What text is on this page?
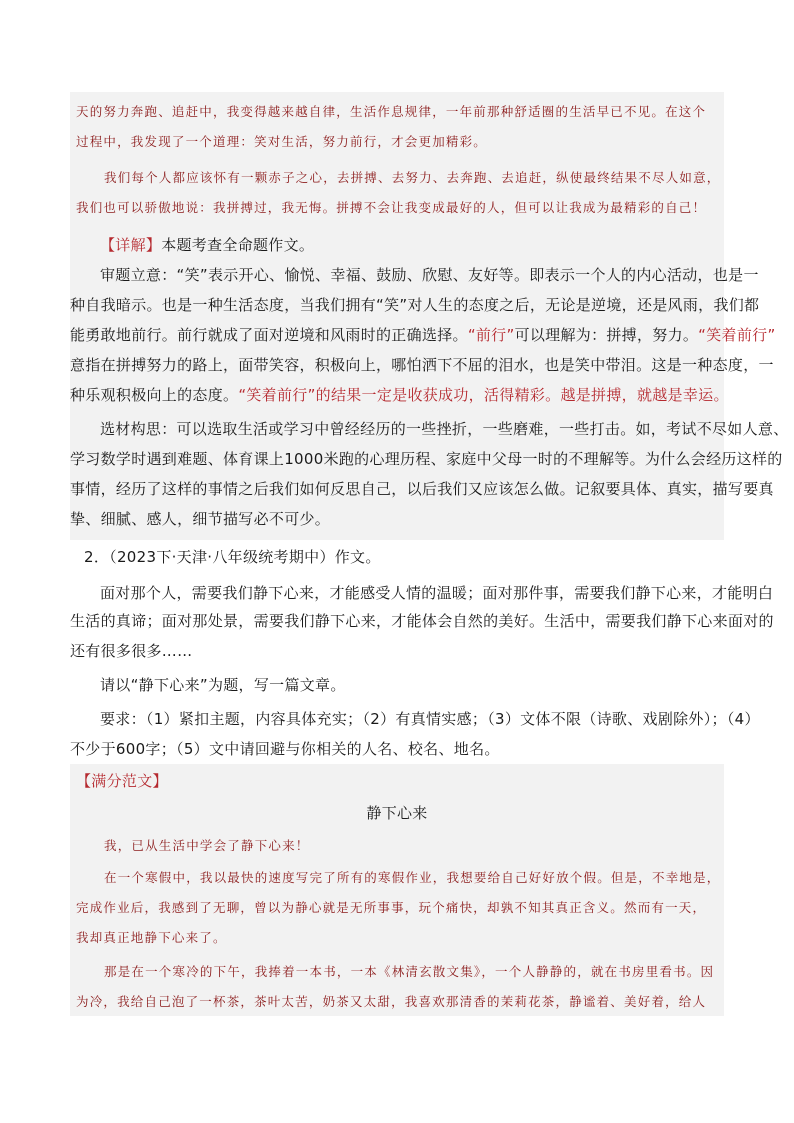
天的努力奔跑、追赶中，我变得越来越自律，生活作息规律，一年前那种舒适圈的生活早已不见。在这个
过程中，我发现了一个道理：笑对生活，努力前行，才会更加精彩。
我们每个人都应该怀有一颗赤子之心，去拼搏、去努力、去奔跑、去追赶，纵使最终结果不尽人如意，
我们也可以骄傲地说：我拼搏过，我无悔。拼搏不会让我变成最好的人，但可以让我成为最精彩的自己！
【详解】本题考查全命题作文。
审题立意：“笑”表示开心、愉悦、幸福、鼓励、欣慰、友好等。即表示一个人的内心活动，也是一
种自我暗示。也是一种生活态度，当我们拥有“笑”对人生的态度之后，无论是逆境，还是风雨，我们都
能勇敢地前行。前行就成了面对逆境和风雨时的正确选择。“前行”可以理解为：拼搏，努力。“笑着前行”
意指在拼搏努力的路上，面带笑容，积极向上，哪怕洒下不屈的泪水，也是笑中带泪。这是一种态度，一
种乐观积极向上的态度。“笑着前行”的结果一定是收获成功，活得精彩。越是拼搏，就越是幸运。
选材构思：可以选取生活或学习中曾经经历的一些挫折，一些磨难，一些打击。如，考试不尽如人意、
学习数学时遇到难题、体育课上1000米跑的心理历程、家庭中父母一时的不理解等。为什么会经历这样的
事情，经历了这样的事情之后我们如何反思自己，以后我们又应该怎么做。记叙要具体、真实，描写要真
挚、细腻、感人，细节描写必不可少。
2．（2023下·天津·八年级统考期中）作文。
面对那个人，需要我们静下心来，才能感受人情的温暖；面对那件事，需要我们静下心来，才能明白
生活的真谛；面对那处景，需要我们静下心来，才能体会自然的美好。生活中，需要我们静下心来面对的
还有很多很多……
请以“静下心来”为题，写一篇文章。
要求：（1）紧扣主题，内容具体充实；（2）有真情实感；（3）文体不限（诗歌、戏剧除外）；（4）
不少于600字；（5）文中请回避与你相关的人名、校名、地名。
【满分范文】
静下心来
我，已从生活中学会了静下心来！
在一个寒假中，我以最快的速度写完了所有的寒假作业，我想要给自己好好放个假。但是，不幸地是，
完成作业后，我感到了无聊，曾以为静心就是无所事事，玩个痛快，却孰不知其真正含义。然而有一天，
我却真正地静下心来了。
那是在一个寒冷的下午，我捧着一本书，一本《林清玄散文集》，一个人静静的，就在书房里看书。因
为冷，我给自己泡了一杯茶，茶叶太苦，奶茶又太甜，我喜欢那清香的茉莉花茶，静谧着、美好着，给人
